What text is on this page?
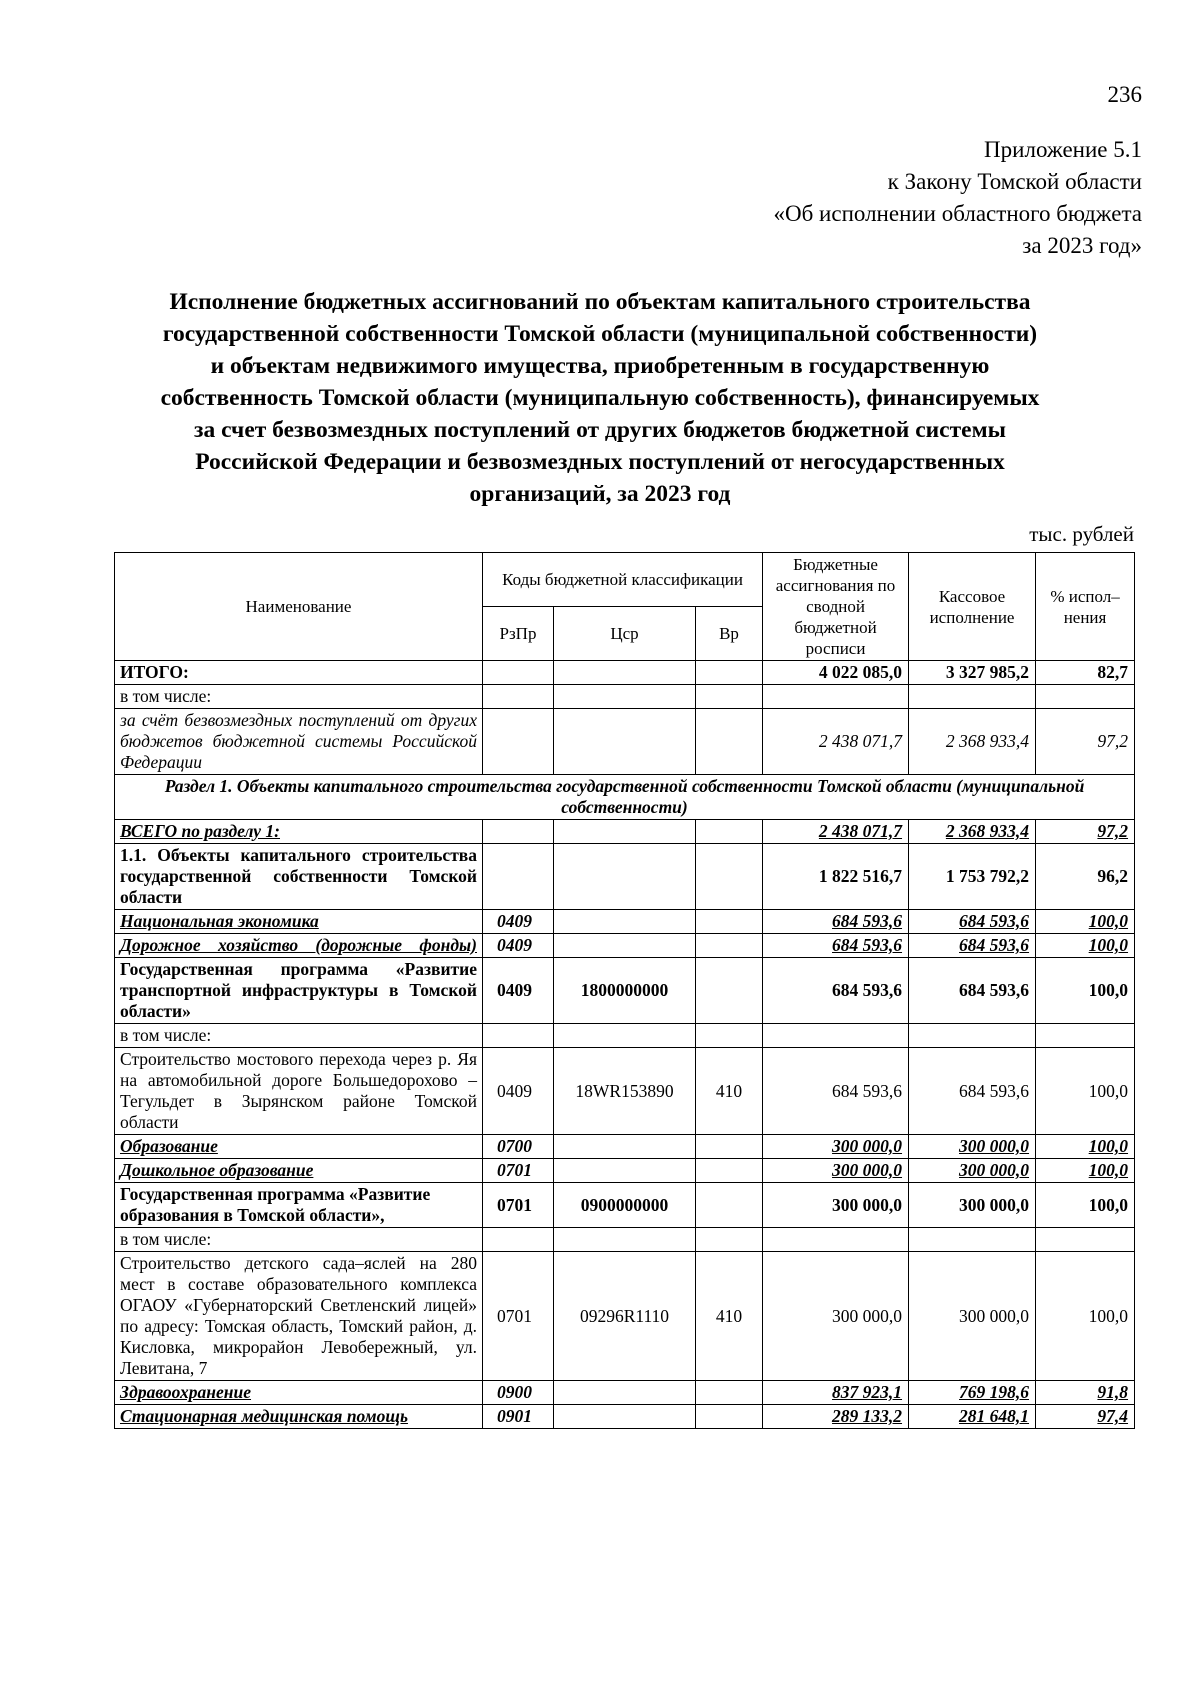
236
Приложение 5.1
к Закону Томской области
«Об исполнении областного бюджета
за 2023 год»
Исполнение бюджетных ассигнований по объектам капитального строительства
государственной собственности Томской области (муниципальной собственности)
и объектам недвижимого имущества, приобретенным в государственную
собственность Томской области (муниципальную собственность), финансируемых
за счет безвозмездных поступлений от других бюджетов бюджетной системы
Российской Федерации и безвозмездных поступлений от негосударственных
организаций, за 2023 год
тыс. рублей
Наименование	Коды бюджетной классификации			Бюджетные ассигнования по сводной бюджетной росписи	Кассовое исполнение	% испол– нения
	РзПр	Цср	Вр			
ИТОГО:				4 022 085,0	3 327 985,2	82,7
в том числе:						
за счёт безвозмездных поступлений от других бюджетов бюджетной системы Российской Федерации				2 438 071,7	2 368 933,4	97,2
Раздел 1. Объекты капитального строительства государственной собственности Томской области (муниципальной собственности)						
ВСЕГО по разделу 1:				2 438 071,7	2 368 933,4	97,2
1.1. Объекты капитального строительства государственной собственности Томской области				1 822 516,7	1 753 792,2	96,2
Национальная экономика	0409			684 593,6	684 593,6	100,0
Дорожное хозяйство (дорожные фонды)	0409			684 593,6	684 593,6	100,0
Государственная программа «Развитие транспортной инфраструктуры в Томской области»	0409	1800000000		684 593,6	684 593,6	100,0
в том числе:						
Строительство мостового перехода через р. Яя на автомобильной дороге Большедорохово – Тегульдет в Зырянском районе Томской области	0409	18WR153890	410	684 593,6	684 593,6	100,0
Образование	0700			300 000,0	300 000,0	100,0
Дошкольное образование	0701			300 000,0	300 000,0	100,0
Государственная программа «Развитие образования в Томской области»,	0701	0900000000		300 000,0	300 000,0	100,0
в том числе:						
Строительство детского сада–яслей на 280 мест в составе образовательного комплекса ОГАОУ «Губернаторский Светленский лицей» по адресу: Томская область, Томский район, д. Кисловка, микрорайон Левобережный, ул. Левитана, 7	0701	09296R1110	410	300 000,0	300 000,0	100,0
Здравоохранение	0900			837 923,1	769 198,6	91,8
Стационарная медицинская помощь	0901			289 133,2	281 648,1	97,4
